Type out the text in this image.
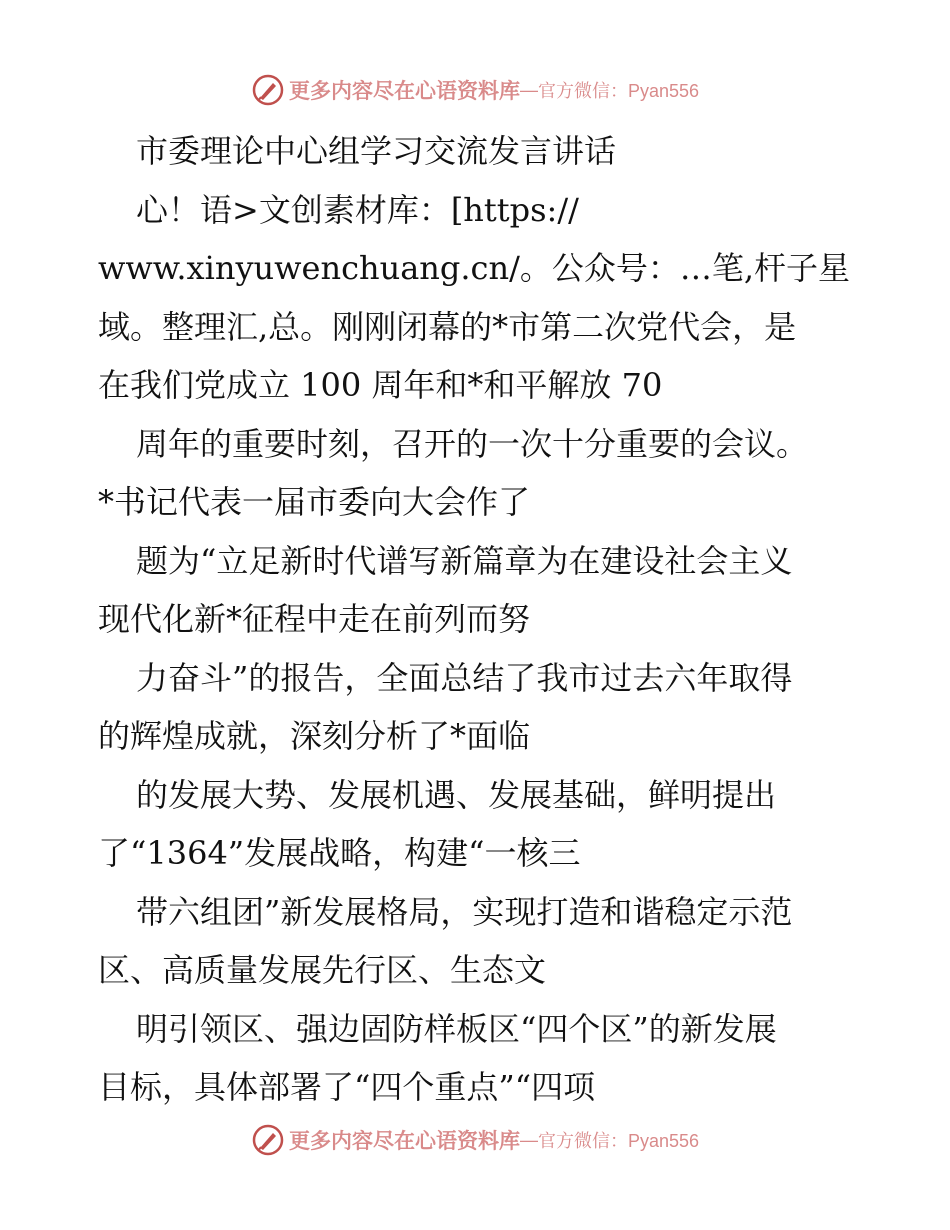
更多内容尽在心语资料库 — 官方微信：Pyan556
市委理论中心组学习交流发言讲话
心！语>文创素材库：[https://
www.xinyuwenchuang.cn/。公众号：…笔,杆子星
域。整理汇,总。刚刚闭幕的*市第二次党代会，是
在我们党成立 100 周年和*和平解放 70
周年的重要时刻，召开的一次十分重要的会议。
*书记代表一届市委向大会作了
题为“立足新时代谱写新篇章为在建设社会主义
现代化新*征程中走在前列而努
力奋斗”的报告，全面总结了我市过去六年取得
的辉煌成就，深刻分析了*面临
的发展大势、发展机遇、发展基础，鲜明提出
了“1364”发展战略，构建“一核三
带六组团”新发展格局，实现打造和谐稳定示范
区、高质量发展先行区、生态文
明引领区、强边固防样板区“四个区”的新发展
目标，具体部署了“四个重点”“四项
更多内容尽在心语资料库 — 官方微信：Pyan556
